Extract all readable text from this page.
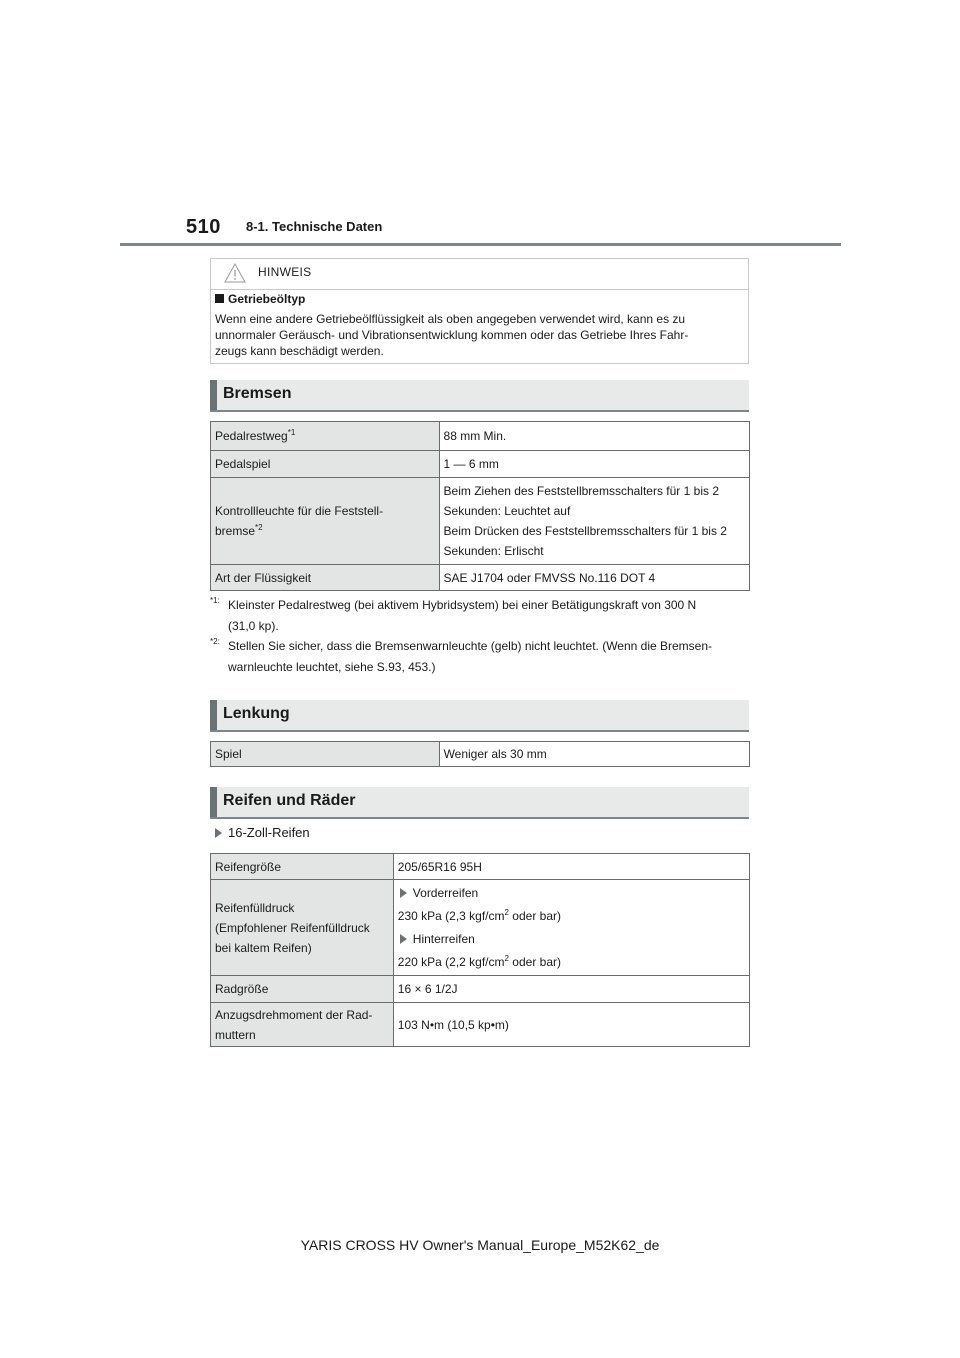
510 8-1. Technische Daten
HINWEIS
Getriebeöltyp
Wenn eine andere Getriebeölflüssigkeit als oben angegeben verwendet wird, kann es zu
unnormaler Geräusch- und Vibrationsentwicklung kommen oder das Getriebe Ihres Fahr-
zeugs kann beschädigt werden.
Bremsen
Pedalrestweg$^{*1}$	88 mm Min.
Pedalspiel	1 — 6 mm

Kontrollleuchte für die Feststell-
bremse$^{*2}$	Beim Ziehen des Feststellbremsschalters für 1 bis 2
Sekunden: Leuchtet auf
Beim Drücken des Feststellbremsschalters für 1 bis 2
Sekunden: Erlischt

Art der Flüssigkeit	SAE J1704 oder FMVSS No.116 DOT 4
*1: Kleinster Pedalrestweg (bei aktivem Hybridsystem) bei einer Betätigungskraft von 300 N
(31,0 kp).
*2: Stellen Sie sicher, dass die Bremsenwarnleuchte (gelb) nicht leuchtet. (Wenn die Bremsen-
warnleuchte leuchtet, siehe S.93, 453.)
Lenkung
Spiel	Weniger als 30 mm
Reifen und Räder
16-Zoll-Reifen
Reifengröße	205/65R16 95H

Reifenfülldruck
(Empfohlener Reifenfülldruck
bei kaltem Reifen)	Vorderreifen
230 kPa (2,3 kgf/$cm^2$ oder bar)
Hinterreifen
220 kPa (2,2 kgf/$cm^2$ oder bar)

Radgröße	16 × 6 1/2J

Anzugsdrehmoment der Rad-
muttern	103 N•m (10,5 kp•m)
YARIS CROSS HV Owner's Manual_Europe_M52K62_de
